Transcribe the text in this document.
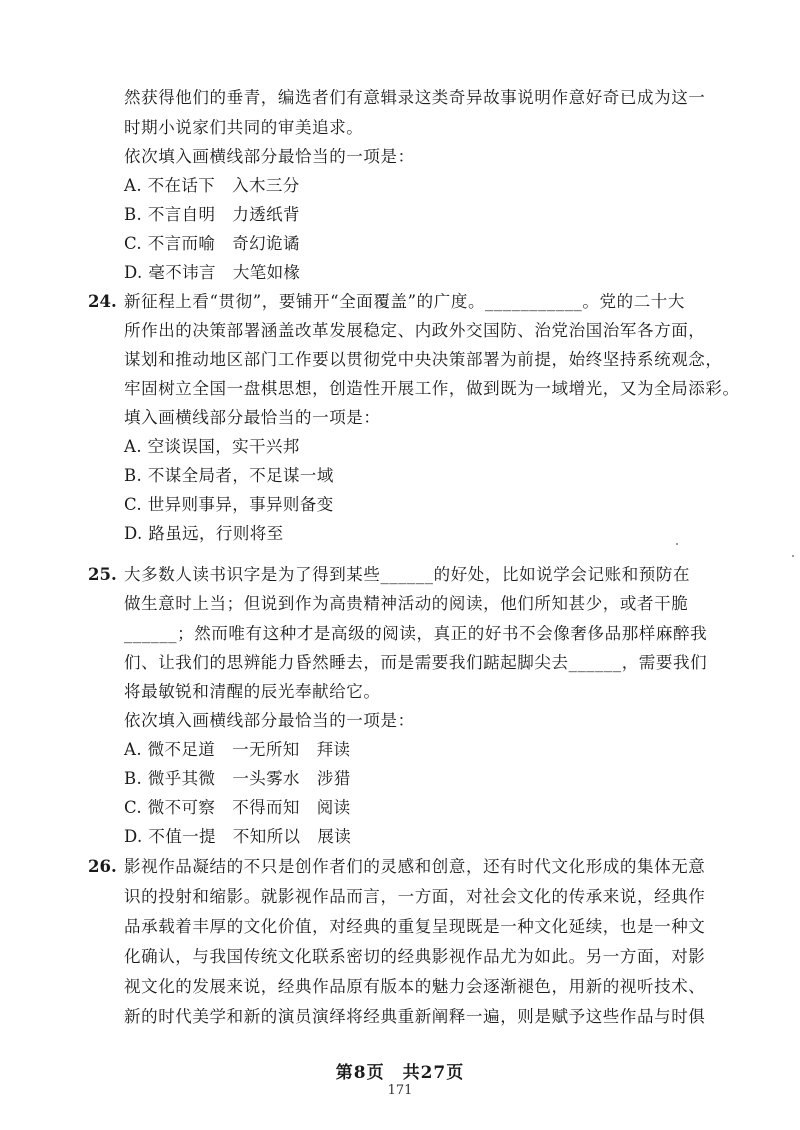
然获得他们的垂青，编选者们有意辑录这类奇异故事说明作意好奇已成为这一
时期小说家们共同的审美追求。
依次填入画横线部分最恰当的一项是：
A. 不在话下　入木三分
B. 不言自明　力透纸背
C. 不言而喻　奇幻诡谲
D. 毫不讳言　大笔如椽
24. 新征程上看“贯彻”，要铺开“全面覆盖”的广度。___________。党的二十大
所作出的决策部署涵盖改革发展稳定、内政外交国防、治党治国治军各方面，
谋划和推动地区部门工作要以贯彻党中央决策部署为前提，始终坚持系统观念，
牢固树立全国一盘棋思想，创造性开展工作，做到既为一域增光，又为全局添彩。
填入画横线部分最恰当的一项是：
A. 空谈误国，实干兴邦
B. 不谋全局者，不足谋一域
C. 世异则事异，事异则备变
D. 路虽远，行则将至
25. 大多数人读书识字是为了得到某些______的好处，比如说学会记账和预防在
做生意时上当；但说到作为高贵精神活动的阅读，他们所知甚少，或者干脆
______；然而唯有这种才是高级的阅读，真正的好书不会像奢侈品那样麻醉我
们、让我们的思辨能力昏然睡去，而是需要我们踮起脚尖去______，需要我们
将最敏锐和清醒的辰光奉献给它。
依次填入画横线部分最恰当的一项是：
A. 微不足道　一无所知　拜读
B. 微乎其微　一头雾水　涉猎
C. 微不可察　不得而知　阅读
D. 不值一提　不知所以　展读
26. 影视作品凝结的不只是创作者们的灵感和创意，还有时代文化形成的集体无意
识的投射和缩影。就影视作品而言，一方面，对社会文化的传承来说，经典作
品承载着丰厚的文化价值，对经典的重复呈现既是一种文化延续，也是一种文
化确认，与我国传统文化联系密切的经典影视作品尤为如此。另一方面，对影
视文化的发展来说，经典作品原有版本的魅力会逐渐褪色，用新的视听技术、
新的时代美学和新的演员演绎将经典重新阐释一遍，则是赋予这些作品与时俱
第8页　共27页
171
